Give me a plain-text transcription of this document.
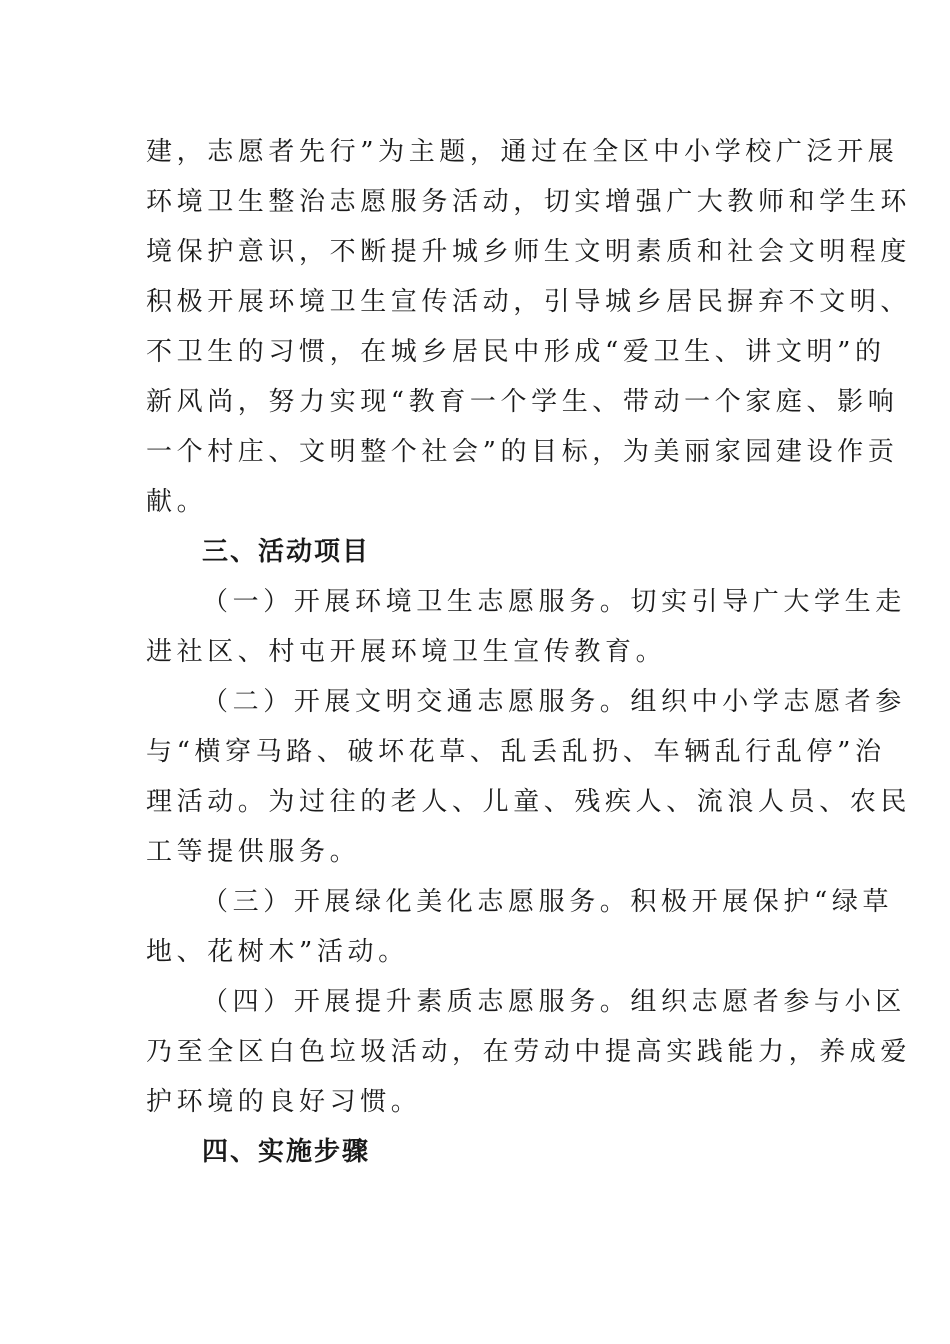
建，志愿者先行”为主题，通过在全区中小学校广泛开展
环境卫生整治志愿服务活动，切实增强广大教师和学生环
境保护意识，不断提升城乡师生文明素质和社会文明程度
积极开展环境卫生宣传活动，引导城乡居民摒弃不文明、
不卫生的习惯，在城乡居民中形成“爱卫生、讲文明”的
新风尚，努力实现“教育一个学生、带动一个家庭、影响
一个村庄、文明整个社会”的目标，为美丽家园建设作贡
献。
三、活动项目
（一）开展环境卫生志愿服务。切实引导广大学生走
进社区、村屯开展环境卫生宣传教育。
（二）开展文明交通志愿服务。组织中小学志愿者参
与“横穿马路、破坏花草、乱丢乱扔、车辆乱行乱停”治
理活动。为过往的老人、儿童、残疾人、流浪人员、农民
工等提供服务。
（三）开展绿化美化志愿服务。积极开展保护“绿草
地、花树木”活动。
（四）开展提升素质志愿服务。组织志愿者参与小区
乃至全区白色垃圾活动，在劳动中提高实践能力，养成爱
护环境的良好习惯。
四、实施步骤
